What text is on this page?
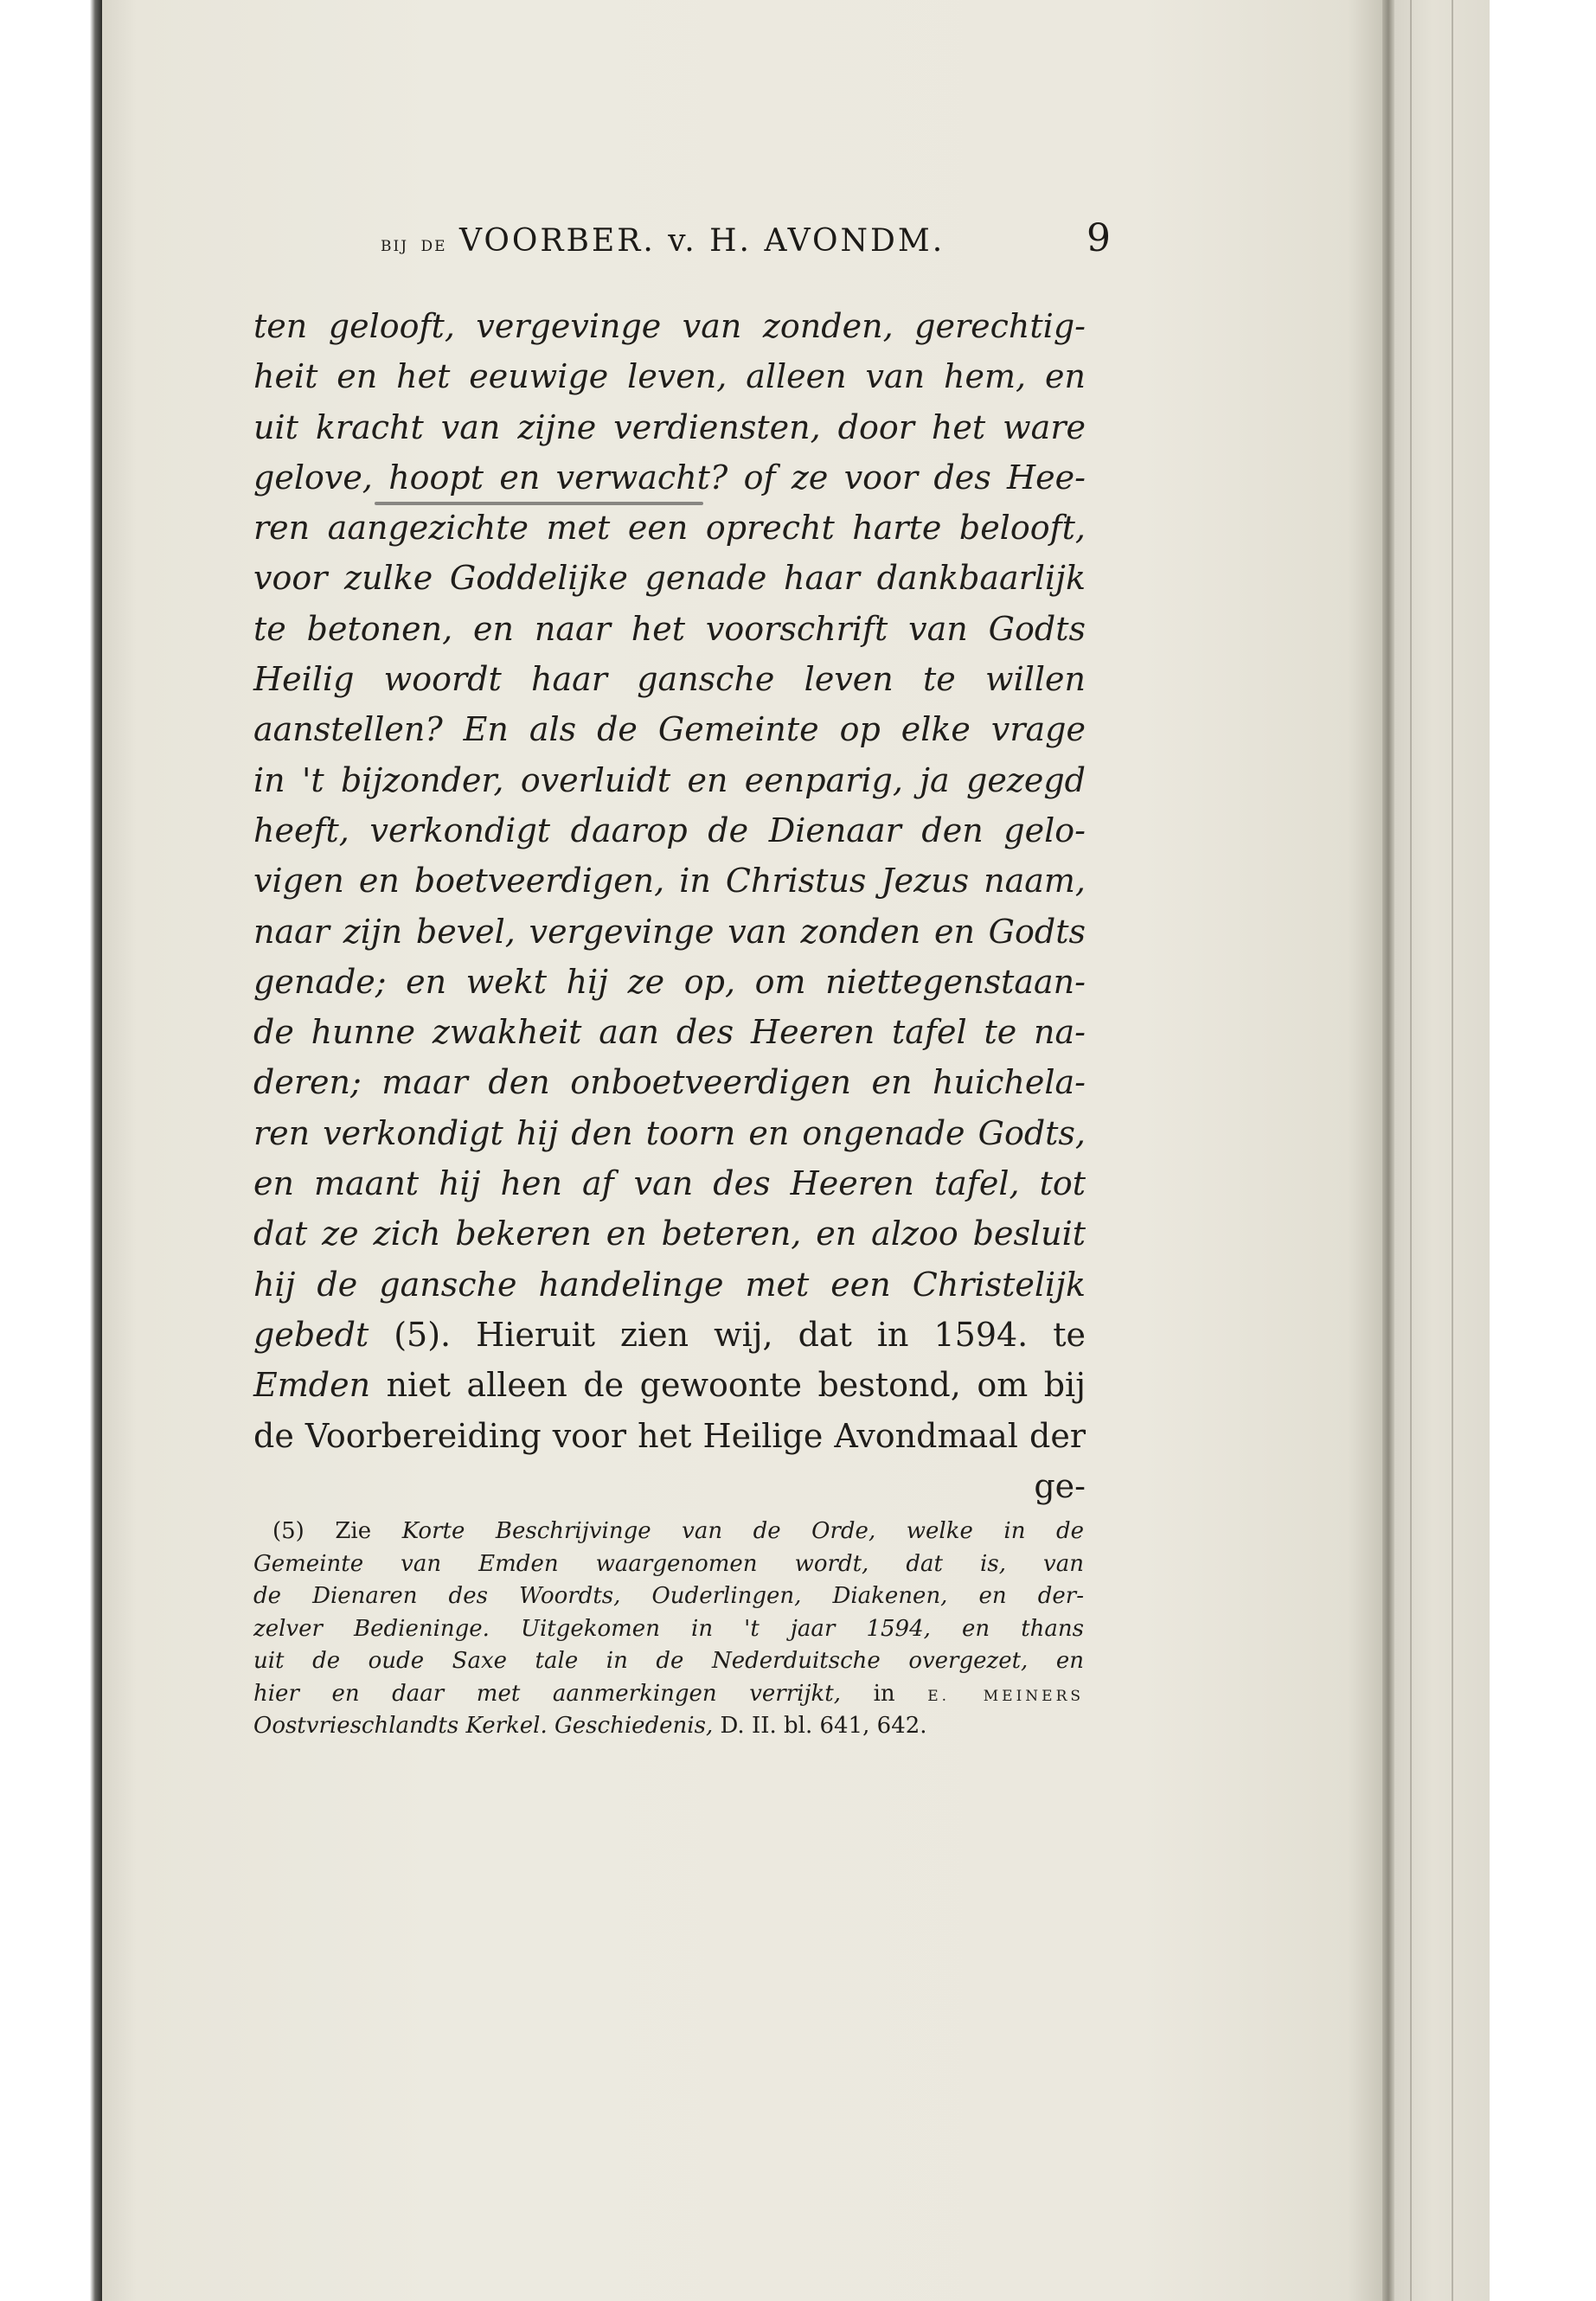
BIJ DE VOORBER. v. H. AVONDM.	9
ten gelooft, vergevinge van zonden, gerechtig-
heit en het eeuwige leven, alleen van hem, en
uit kracht van zijne verdiensten, door het ware
gelove, hoopt en verwacht? of ze voor des Hee-
ren aangezichte met een oprecht harte belooft,
voor zulke Goddelijke genade haar dankbaarlijk
te betonen, en naar het voorschrift van Godts
Heilig woordt haar gansche leven te willen
aanstellen? En als de Gemeinte op elke vrage
in 't bijzonder, overluidt en eenparig, ja gezegd
heeft, verkondigt daarop de Dienaar den gelo-
vigen en boetveerdigen, in Christus Jezus naam,
naar zijn bevel, vergevinge van zonden en Godts
genade; en wekt hij ze op, om niettegenstaan-
de hunne zwakheit aan des Heeren tafel te na-
deren; maar den onboetveerdigen en huichela-
ren verkondigt hij den toorn en ongenade Godts,
en maant hij hen af van des Heeren tafel, tot
dat ze zich bekeren en beteren, en alzoo besluit
hij de gansche handelinge met een Christelijk
gebedt (5). Hieruit zien wij, dat in 1594. te
Emden niet alleen de gewoonte bestond, om bij
de Voorbereiding voor het Heilige Avondmaal der
ge-
(5) Zie Korte Beschrijvinge van de Orde, welke in de
Gemeinte van Emden waargenomen wordt, dat is, van
de Dienaren des Woordts, Ouderlingen, Diakenen, en der-
zelver Bedieninge. Uitgekomen in 't jaar 1594, en thans
uit de oude Saxe tale in de Nederduitsche overgezet, en
hier en daar met aanmerkingen verrijkt, in E. MEINERS
Oostvrieschlandts Kerkel. Geschiedenis, D. II. bl. 641, 642.
